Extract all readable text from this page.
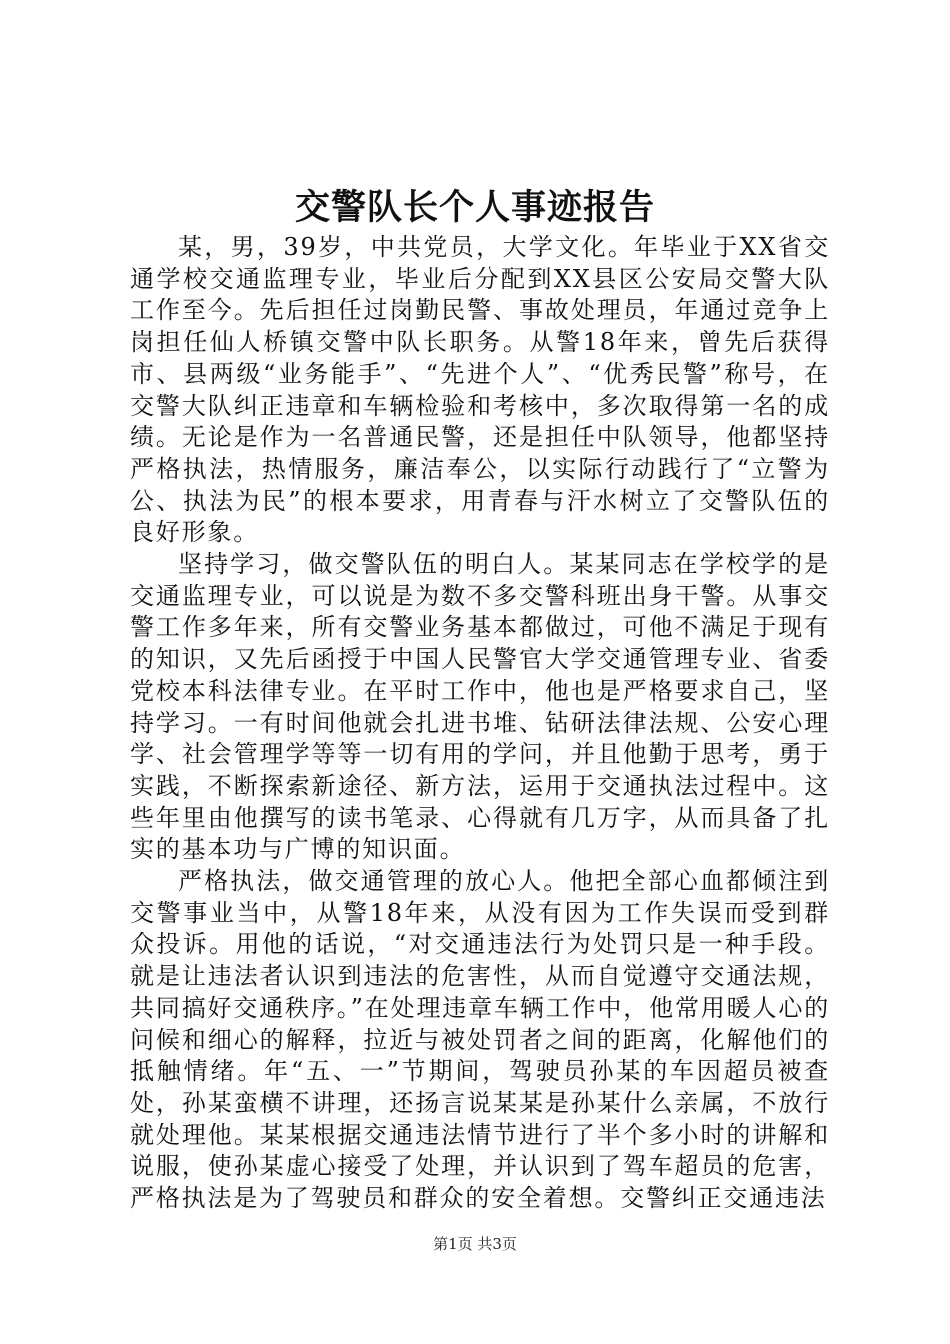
交警队长个人事迹报告

某，男，39岁，中共党员，大学文化。年毕业于XX省交通学校交通监理专业，毕业后分配到XX县区公安局交警大队工作至今。先后担任过岗勤民警、事故处理员，年通过竞争上岗担任仙人桥镇交警中队长职务。从警18年来，曾先后获得市、县两级“业务能手”、“先进个人”、“优秀民警”称号，在交警大队纠正违章和车辆检验和考核中，多次取得第一名的成绩。无论是作为一名普通民警，还是担任中队领导，他都坚持严格执法，热情服务，廉洁奉公，以实际行动践行了“立警为公、执法为民”的根本要求，用青春与汗水树立了交警队伍的良好形象。

坚持学习，做交警队伍的明白人。某某同志在学校学的是交通监理专业，可以说是为数不多交警科班出身干警。从事交警工作多年来，所有交警业务基本都做过，可他不满足于现有的知识，又先后函授于中国人民警官大学交通管理专业、省委党校本科法律专业。在平时工作中，他也是严格要求自己，坚持学习。一有时间他就会扎进书堆、钻研法律法规、公安心理学、社会管理学等等一切有用的学问，并且他勤于思考，勇于实践，不断探索新途径、新方法，运用于交通执法过程中。这些年里由他撰写的读书笔录、心得就有几万字，从而具备了扎实的基本功与广博的知识面。

严格执法，做交通管理的放心人。他把全部心血都倾注到交警事业当中，从警18年来，从没有因为工作失误而受到群众投诉。用他的话说，“对交通违法行为处罚只是一种手段。就是让违法者认识到违法的危害性，从而自觉遵守交通法规，共同搞好交通秩序。”在处理违章车辆工作中，他常用暖人心的问候和细心的解释，拉近与被处罚者之间的距离，化解他们的抵触情绪。年“五、一”节期间，驾驶员孙某的车因超员被查处，孙某蛮横不讲理，还扬言说某某是孙某什么亲属，不放行就处理他。某某根据交通违法情节进行了半个多小时的讲解和说服，使孙某虚心接受了处理，并认识到了驾车超员的危害，严格执法是为了驾驶员和群众的安全着想。交警纠正交通违法

第1页 共3页
